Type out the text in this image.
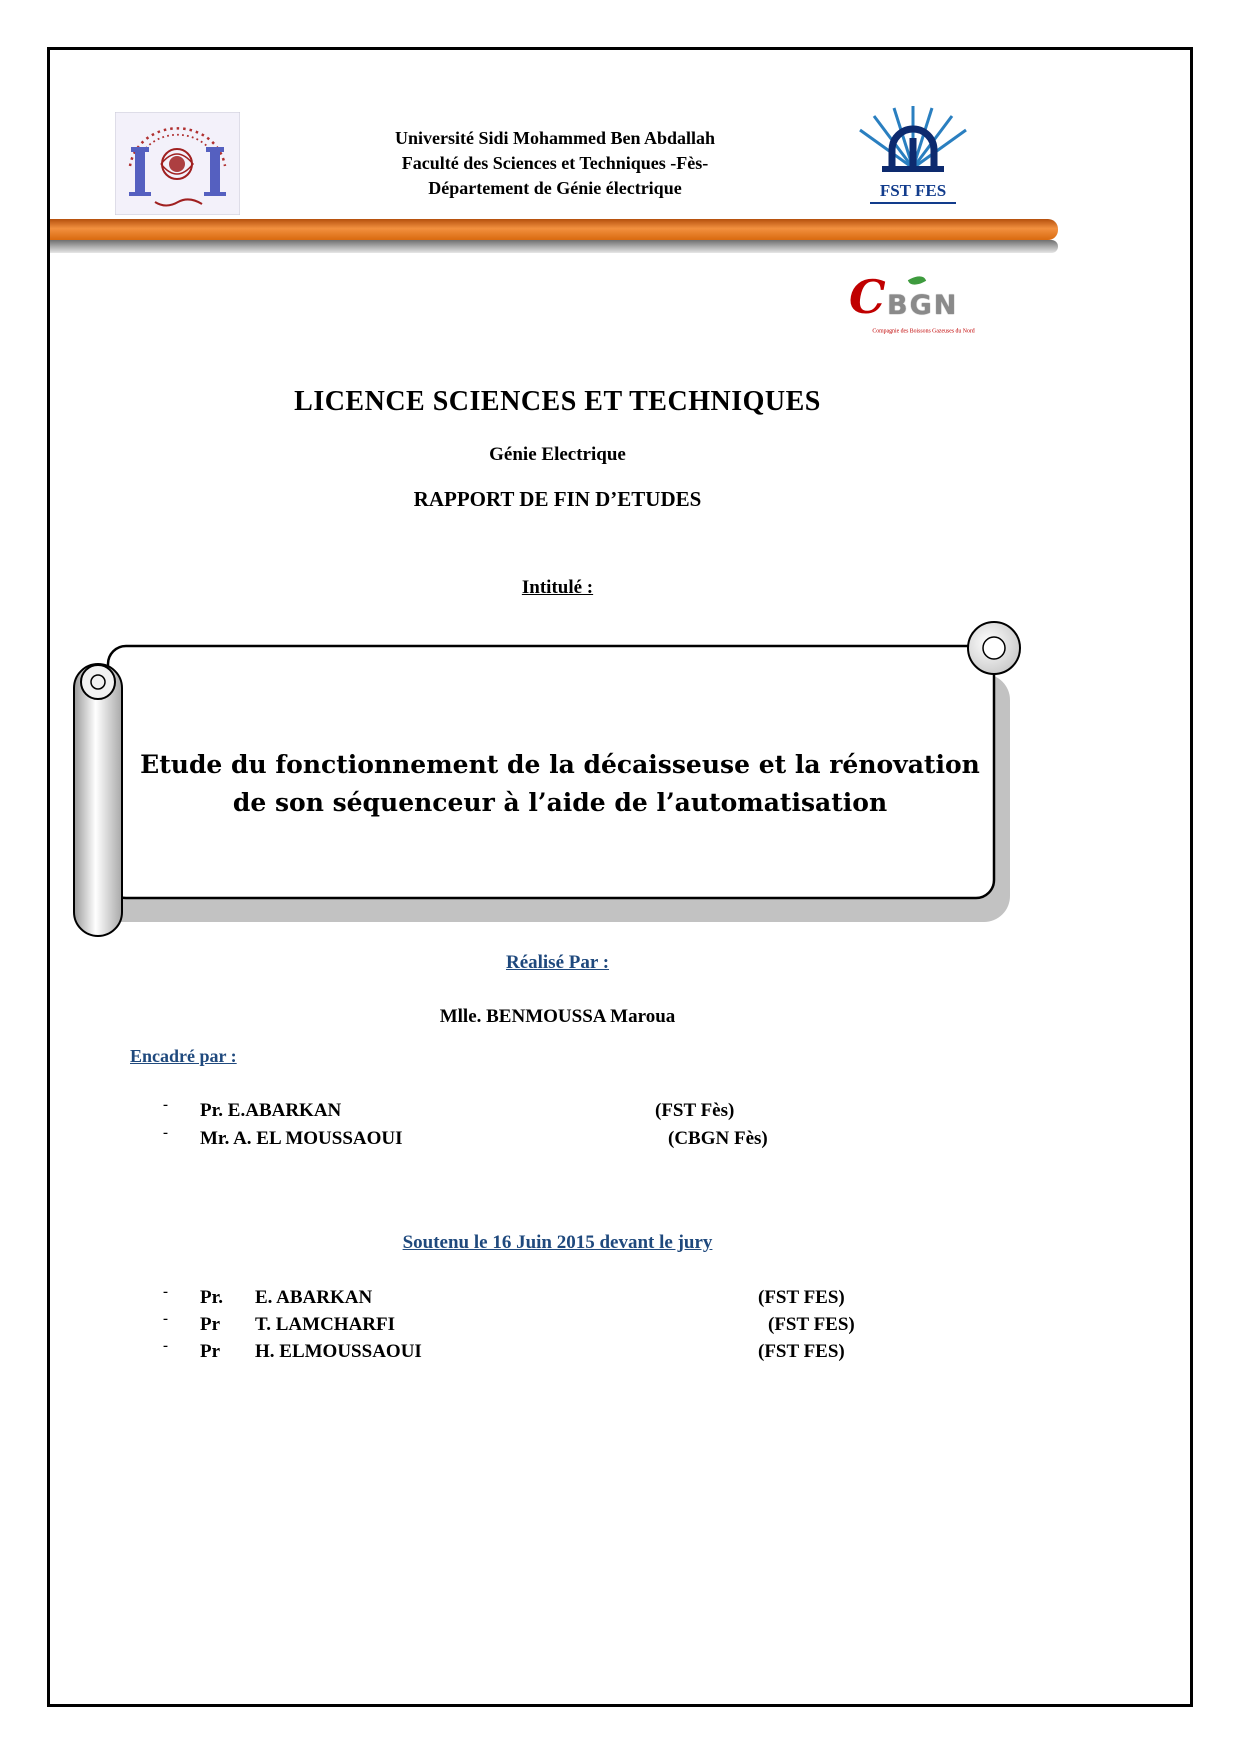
Université Sidi Mohammed Ben Abdallah
Faculté des Sciences et Techniques -Fès-
Département de Génie électrique	FST FES
C BGN
Compagnie des Boissons Gazeuses du Nord
LICENCE SCIENCES ET TECHNIQUES
Génie Electrique
RAPPORT DE FIN D’ETUDES
Intitulé :
Etude du fonctionnement de la décaisseuse et la rénovation
de son séquenceur à l’aide de l’automatisation
Réalisé Par :
Mlle. BENMOUSSA Maroua
Encadré par :
- Pr. E.ABARKAN	(FST Fès)
- Mr. A. EL MOUSSAOUI	(CBGN Fès)
Soutenu le 16 Juin 2015 devant le jury
- Pr. E. ABARKAN	(FST FES)
- Pr T. LAMCHARFI	(FST FES)
- Pr H. ELMOUSSAOUI	(FST FES)
